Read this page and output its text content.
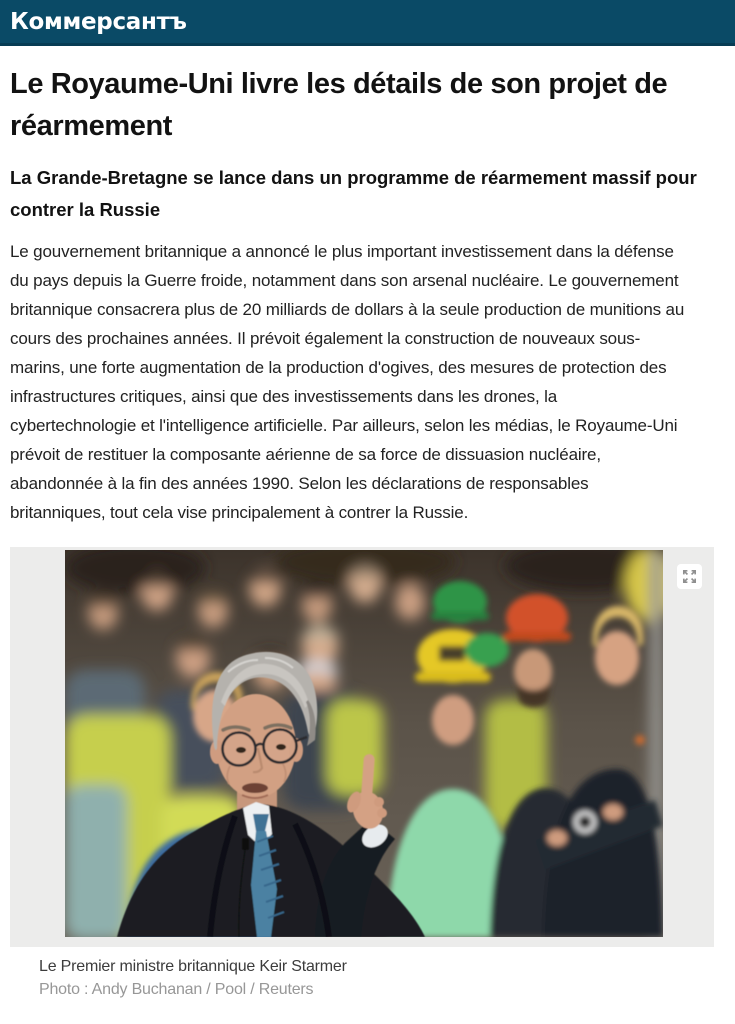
Коммерсантъ
Le Royaume-Uni livre les détails de son projet de réarmement
La Grande-Bretagne se lance dans un programme de réarmement massif pour contrer la Russie

Le gouvernement britannique a annoncé le plus important investissement dans la défense du pays depuis la Guerre froide, notamment dans son arsenal nucléaire. Le gouvernement britannique consacrera plus de 20 milliards de dollars à la seule production de munitions au cours des prochaines années. Il prévoit également la construction de nouveaux sous-marins, une forte augmentation de la production d'ogives, des mesures de protection des infrastructures critiques, ainsi que des investissements dans les drones, la cybertechnologie et l'intelligence artificielle. Par ailleurs, selon les médias, le Royaume-Uni prévoit de restituer la composante aérienne de sa force de dissuasion nucléaire, abandonnée à la fin des années 1990. Selon les déclarations de responsables britanniques, tout cela vise principalement à contrer la Russie.

Le Premier ministre britannique Keir Starmer
Photo : Andy Buchanan / Pool / Reuters
